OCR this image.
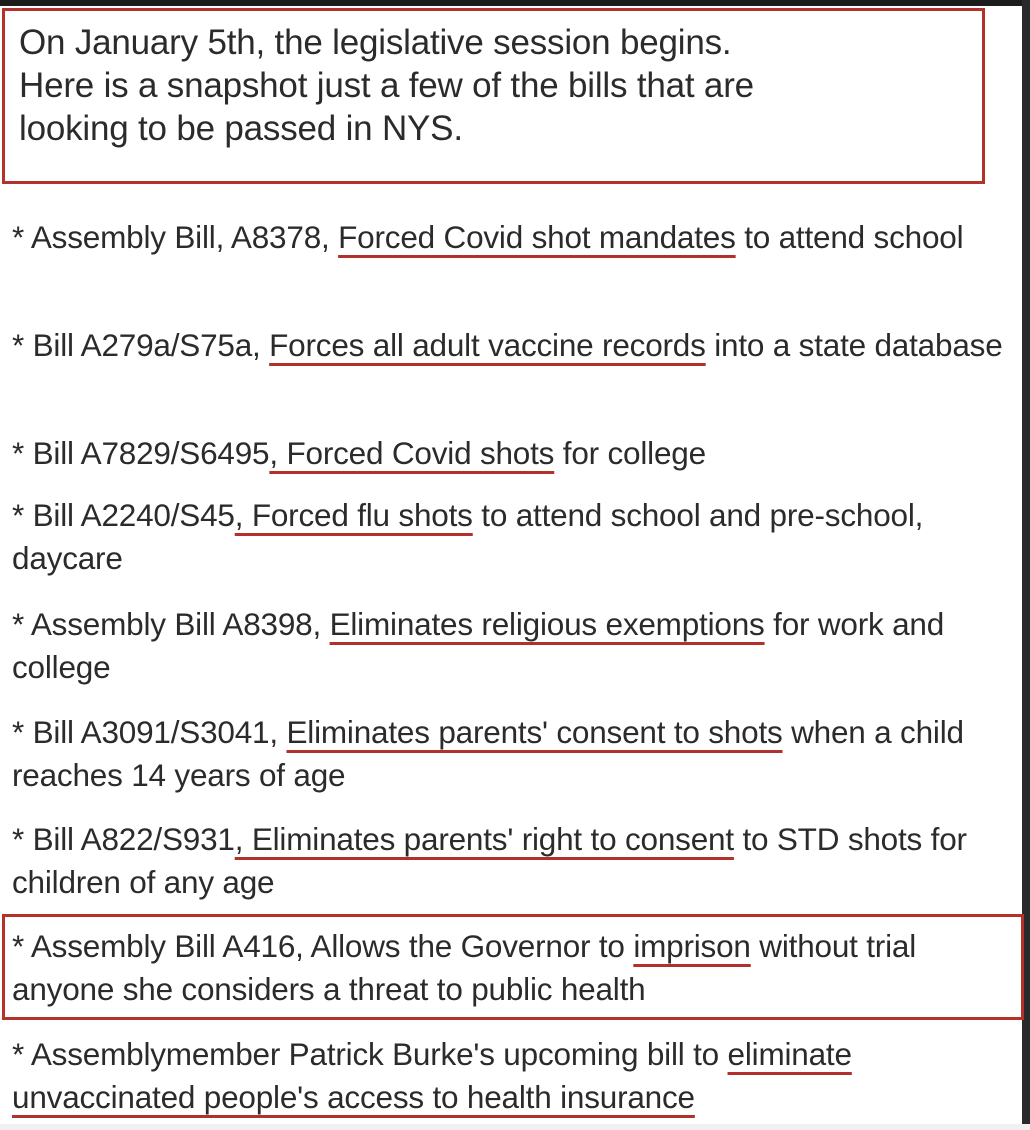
On January 5th, the legislative session begins.
Here is a snapshot just a few of the bills that are
looking to be passed in NYS.
* Assembly Bill, A8378, Forced Covid shot mandates to attend school
* Bill A279a/S75a, Forces all adult vaccine records into a state database
* Bill A7829/S6495, Forced Covid shots for college
* Bill A2240/S45, Forced flu shots to attend school and pre-school, daycare
* Assembly Bill A8398, Eliminates religious exemptions for work and college
* Bill A3091/S3041, Eliminates parents' consent to shots when a child reaches 14 years of age
* Bill A822/S931, Eliminates parents' right to consent to STD shots for children of any age
* Assembly Bill A416, Allows the Governor to imprison without trial anyone she considers a threat to public health
* Assemblymember Patrick Burke's upcoming bill to eliminate unvaccinated people's access to health insurance
